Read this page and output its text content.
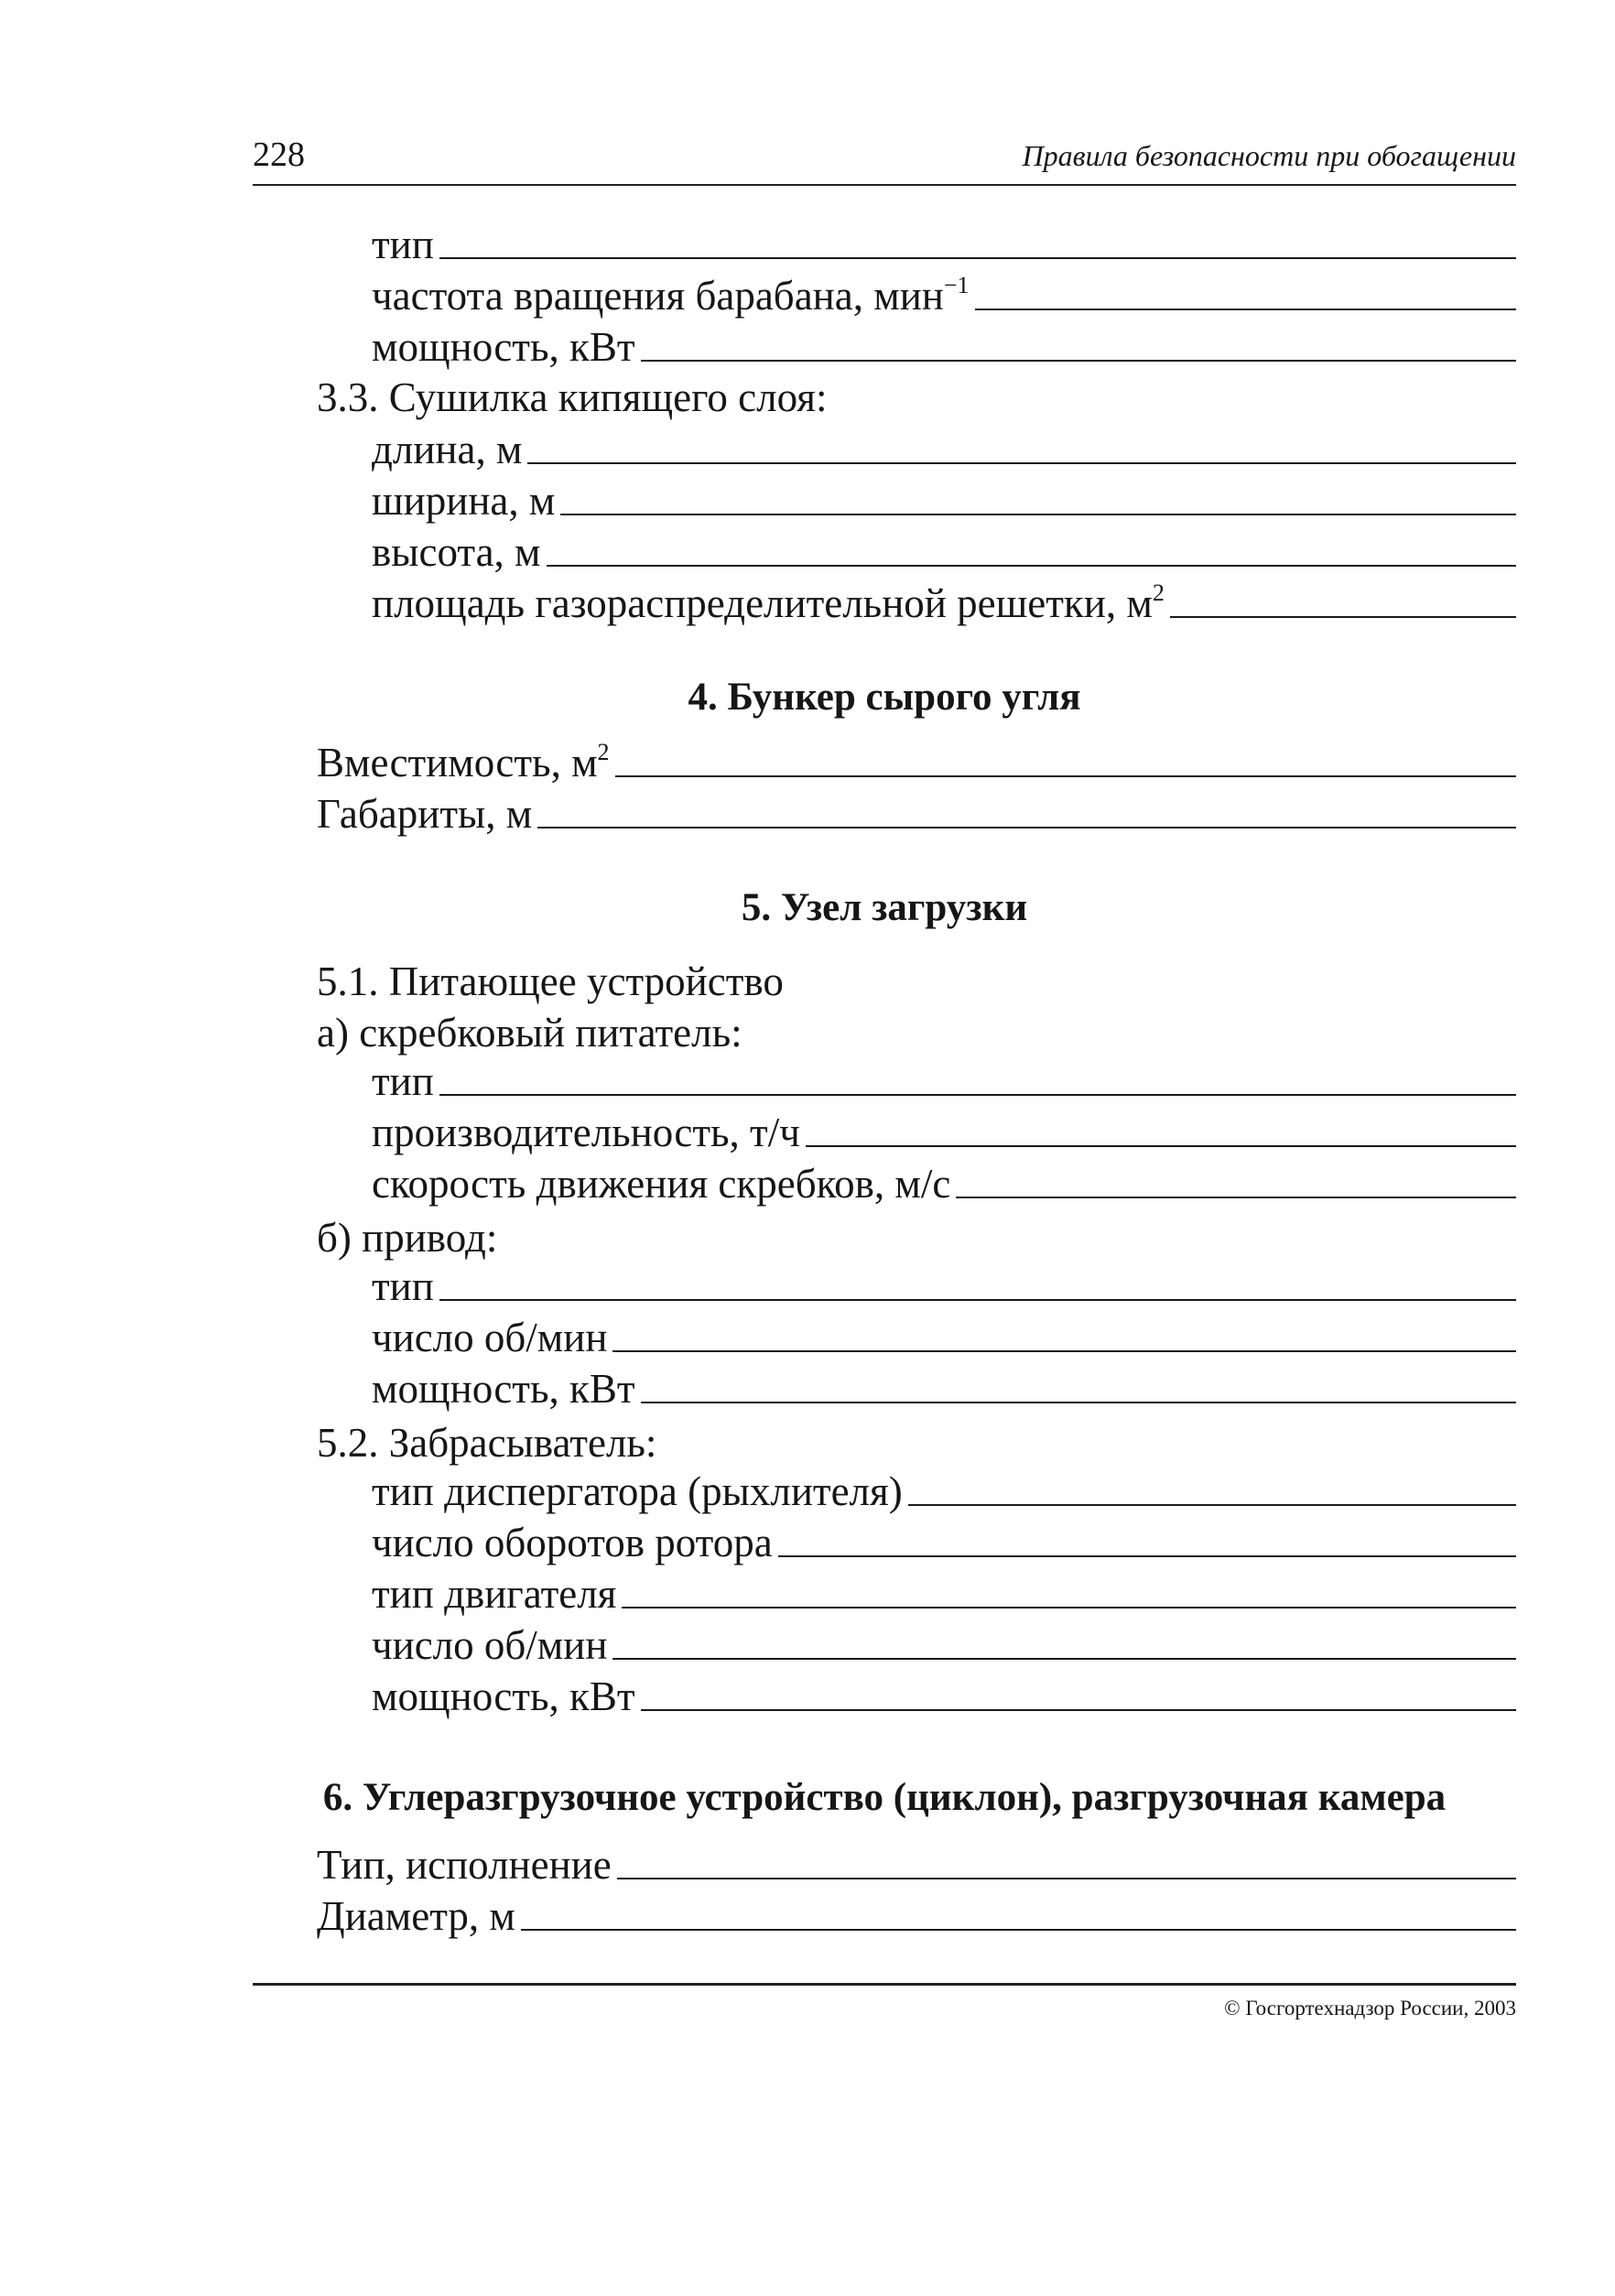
228	Правила безопасности при обогащении
тип
частота вращения барабана, мин$^{-1}$
мощность, кВт
3.3. Сушилка кипящего слоя:
длина, м
ширина, м
высота, м
площадь газораспределительной решетки, $м^2$
4. Бункер сырого угля
Вместимость, $м^2$
Габариты, м
5. Узел загрузки
5.1. Питающее устройство
а) скребковый питатель:
тип
производительность, т/ч
скорость движения скребков, м/с
б) привод:
тип
число об/мин
мощность, кВт
5.2. Забрасыватель:
тип диспергатора (рыхлителя)
число оборотов ротора
тип двигателя
число об/мин
мощность, кВт
6. Углеразгрузочное устройство (циклон), разгрузочная камера
Тип, исполнение
Диаметр, м
© Госгортехнадзор России, 2003
